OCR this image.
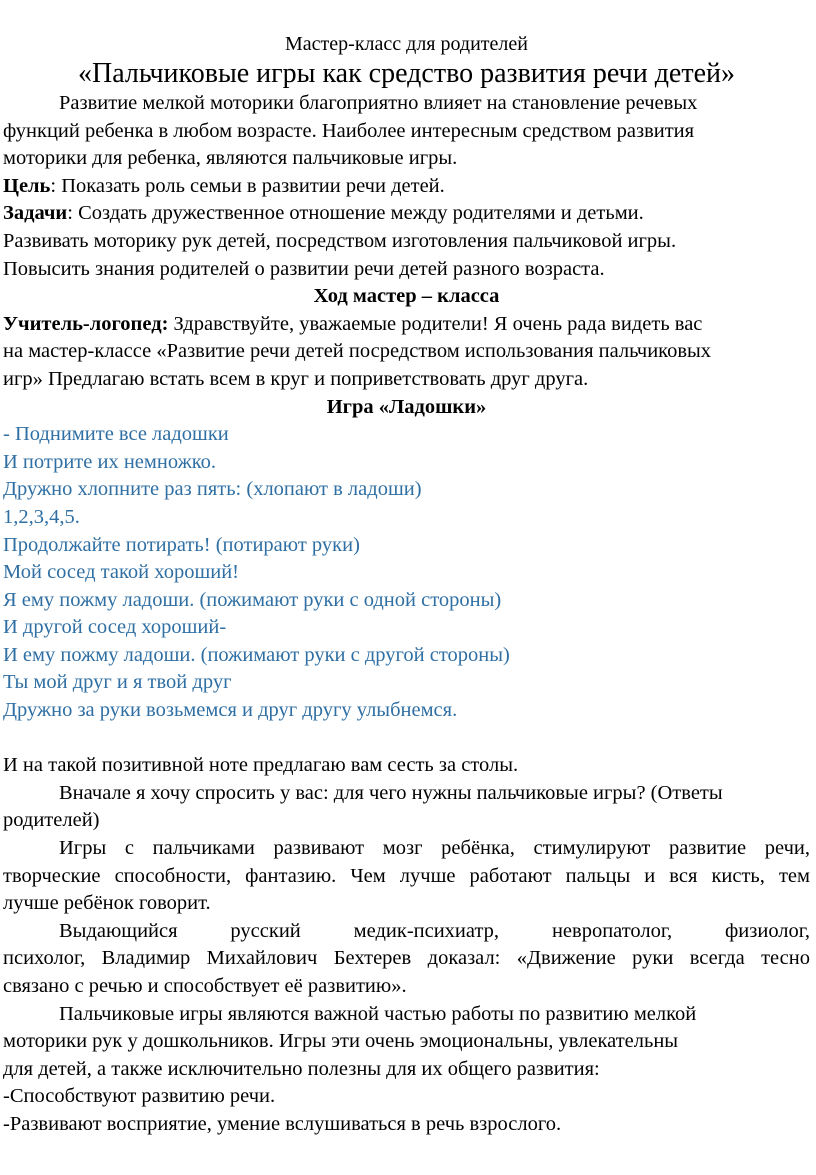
Мастер-класс для родителей
«Пальчиковые игры как средство развития речи детей»
Развитие мелкой моторики благоприятно влияет на становление речевых
функций ребенка в любом возрасте. Наиболее интересным средством развития
моторики для ребенка, являются пальчиковые игры.
Цель: Показать роль семьи в развитии речи детей.
Задачи: Создать дружественное отношение между родителями и детьми.
Развивать моторику рук детей, посредством изготовления пальчиковой игры.
Повысить знания родителей о развитии речи детей разного возраста.
Ход мастер – класса
Учитель-логопед: Здравствуйте, уважаемые родители! Я очень рада видеть вас
на мастер-классе «Развитие речи детей посредством использования пальчиковых
игр» Предлагаю встать всем в круг и поприветствовать друг друга.
Игра «Ладошки»
- Поднимите все ладошки
И потрите их немножко.
Дружно хлопните раз пять: (хлопают в ладоши)
1,2,3,4,5.
Продолжайте потирать! (потирают руки)
Мой сосед такой хороший!
Я ему пожму ладоши. (пожимают руки с одной стороны)
И другой сосед хороший-
И ему пожму ладоши. (пожимают руки с другой стороны)
Ты мой друг и я твой друг
Дружно за руки возьмемся и друг другу улыбнемся.
И на такой позитивной ноте предлагаю вам сесть за столы.
Вначале я хочу спросить у вас: для чего нужны пальчиковые игры? (Ответы
родителей)
Игры с пальчиками развивают мозг ребёнка, стимулируют развитие речи,
творческие способности, фантазию. Чем лучше работают пальцы и вся кисть, тем
лучше ребёнок говорит.
Выдающийся русский медик-психиатр, невропатолог, физиолог,
психолог, Владимир Михайлович Бехтерев доказал: «Движение руки всегда тесно
связано с речью и способствует её развитию».
Пальчиковые игры являются важной частью работы по развитию мелкой
моторики рук у дошкольников. Игры эти очень эмоциональны, увлекательны
для детей, а также исключительно полезны для их общего развития:
-Способствуют развитию речи.
-Развивают восприятие, умение вслушиваться в речь взрослого.
